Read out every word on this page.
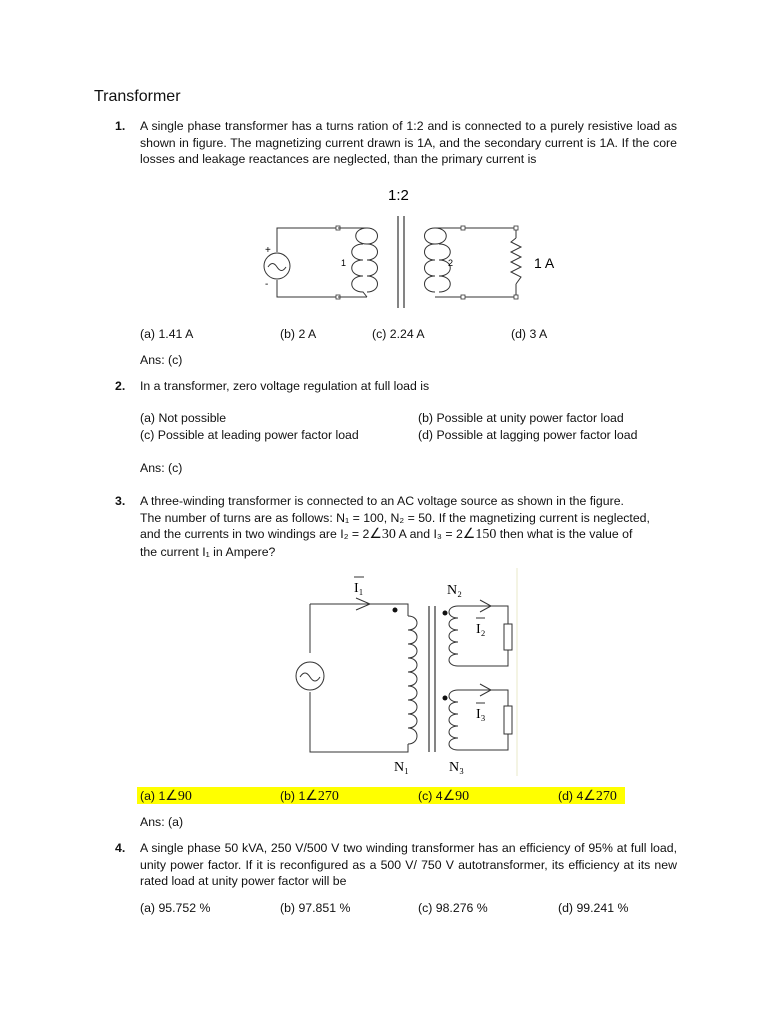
Transformer
1. A single phase transformer has a turns ration of 1:2 and is connected to a purely resistive load as shown in figure. The magnetizing current drawn is 1A, and the secondary current is 1A. If the core losses and leakage reactances are neglected, than the primary current is
1:2
+
-
1	2	1 A
(a) 1.41 A	(b) 2 A	(c) 2.24 A	(d) 3 A
Ans: (c)
2. In a transformer, zero voltage regulation at full load is
(a) Not possible	(b) Possible at unity power factor load
(c) Possible at leading power factor load	(d) Possible at lagging power factor load
Ans: (c)
3. A three-winding transformer is connected to an AC voltage source as shown in the figure.
The number of turns are as follows: N₁ = 100, N₂ = 50. If the magnetizing current is neglected,
and the currents in two windings are I₂ = 2∠30 A and I₃ = 2∠150 then what is the value of
the current I₁ in Ampere?
I₁
N₁
N₂
I₂
I₃
N₃
(a) 1∠90	(b) 1∠270	(c) 4∠90	(d) 4∠270
Ans: (a)
4. A single phase 50 kVA, 250 V/500 V two winding transformer has an efficiency of 95% at full load, unity power factor. If it is reconfigured as a 500 V/ 750 V autotransformer, its efficiency at its new rated load at unity power factor will be
(a) 95.752 %	(b) 97.851 %	(c) 98.276 %	(d) 99.241 %
